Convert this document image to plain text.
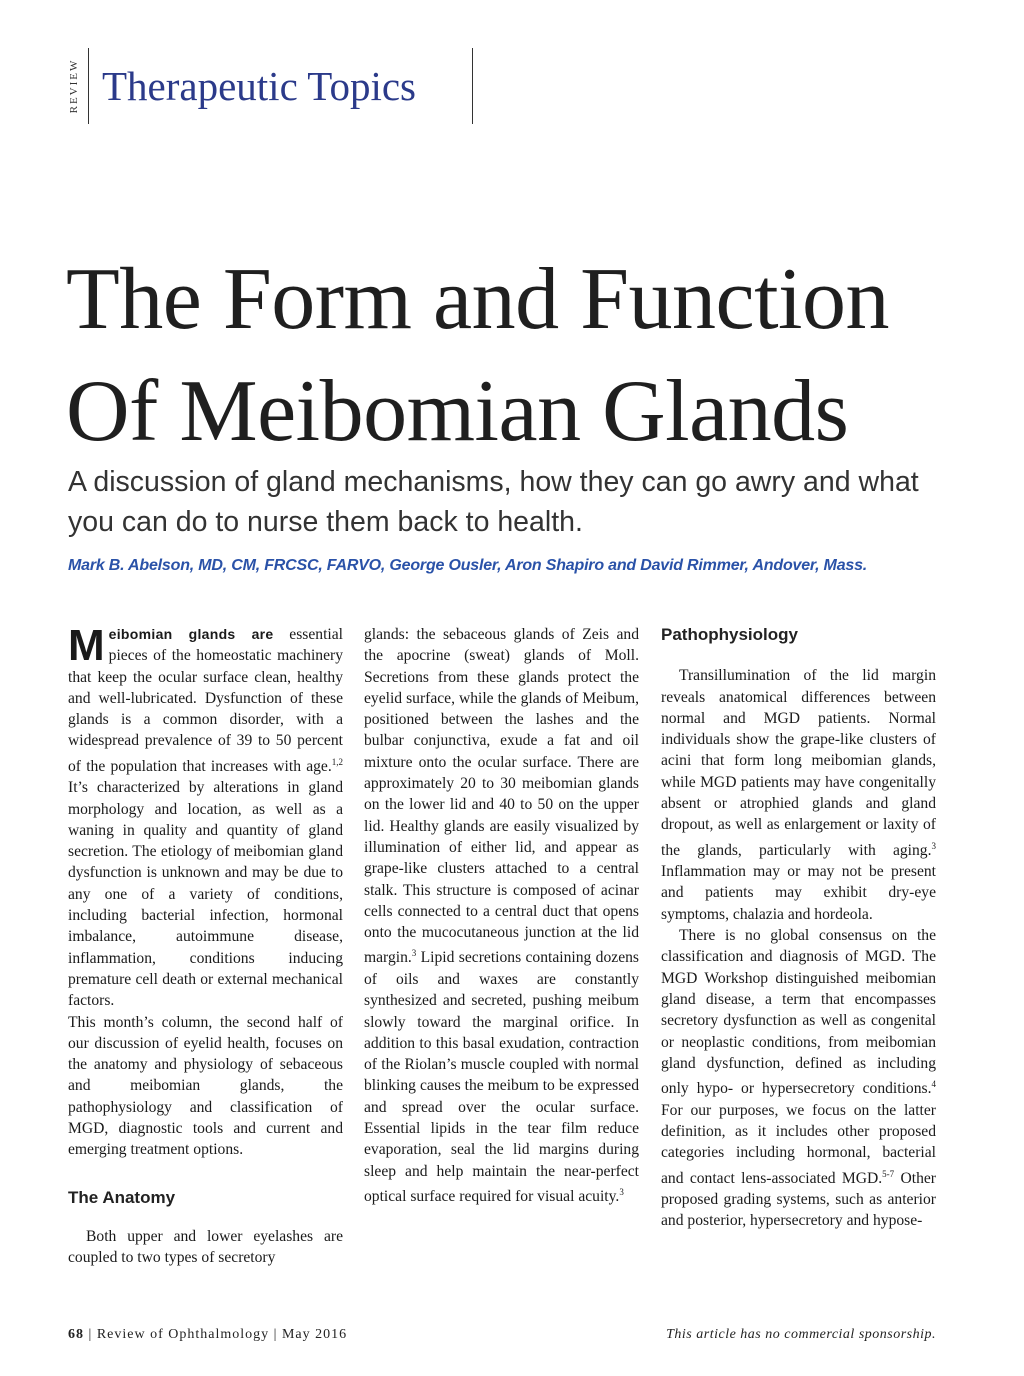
REVIEW Therapeutic Topics
The Form and Function
Of Meibomian Glands
A discussion of gland mechanisms, how they can go awry and what you can do to nurse them back to health.

Mark B. Abelson, MD, CM, FRCSC, FARVO, George Ousler, Aron Shapiro and David Rimmer, Andover, Mass.

Meibomian glands are essential pieces of the homeostatic machinery that keep the ocular surface clean, healthy and well-lubricated. Dysfunction of these glands is a common disorder, with a widespread prevalence of 39 to 50 percent of the population that increases with age.$^{1,2}$ It’s characterized by alterations in gland morphology and location, as well as a waning in quality and quantity of gland secretion. The etiology of meibomian gland dysfunction is unknown and may be due to any one of a variety of conditions, including bacterial infection, hormonal imbalance, autoimmune disease, inflammation, conditions inducing premature cell death or external mechanical factors.

This month’s column, the second half of our discussion of eyelid health, focuses on the anatomy and physiology of sebaceous and meibomian glands, the pathophysiology and classification of MGD, diagnostic tools and current and emerging treatment options.

The Anatomy

Both upper and lower eyelashes are coupled to two types of secretory

glands: the sebaceous glands of Zeis and the apocrine (sweat) glands of Moll. Secretions from these glands protect the eyelid surface, while the glands of Meibum, positioned between the lashes and the bulbar conjunctiva, exude a fat and oil mixture onto the ocular surface. There are approximately 20 to 30 meibomian glands on the lower lid and 40 to 50 on the upper lid. Healthy glands are easily visualized by illumination of either lid, and appear as grape-like clusters attached to a central stalk. This structure is composed of acinar cells connected to a central duct that opens onto the mucocutaneous junction at the lid margin.$^3$ Lipid secretions containing dozens of oils and waxes are constantly synthesized and secreted, pushing meibum slowly toward the marginal orifice. In addition to this basal exudation, contraction of the Riolan’s muscle coupled with normal blinking causes the meibum to be expressed and spread over the ocular surface. Essential lipids in the tear film reduce evaporation, seal the lid margins during sleep and help maintain the near-perfect optical surface required for visual acuity.$^3$

Pathophysiology

Transillumination of the lid margin reveals anatomical differences between normal and MGD patients. Normal individuals show the grape-like clusters of acini that form long meibomian glands, while MGD patients may have congenitally absent or atrophied glands and gland dropout, as well as enlargement or laxity of the glands, particularly with aging.$^3$ Inflammation may or may not be present and patients may exhibit dry-eye symptoms, chalazia and hordeola.

There is no global consensus on the classification and diagnosis of MGD. The MGD Workshop distinguished meibomian gland disease, a term that encompasses secretory dysfunction as well as congenital or neoplastic conditions, from meibomian gland dysfunction, defined as including only hypo- or hypersecretory conditions.$^4$ For our purposes, we focus on the latter definition, as it includes other proposed categories including hormonal, bacterial and contact lens-associated MGD.$^{5-7}$ Other proposed grading systems, such as anterior and posterior, hypersecretory and hypose-

68 | Review of Ophthalmology | May 2016	This article has no commercial sponsorship.
